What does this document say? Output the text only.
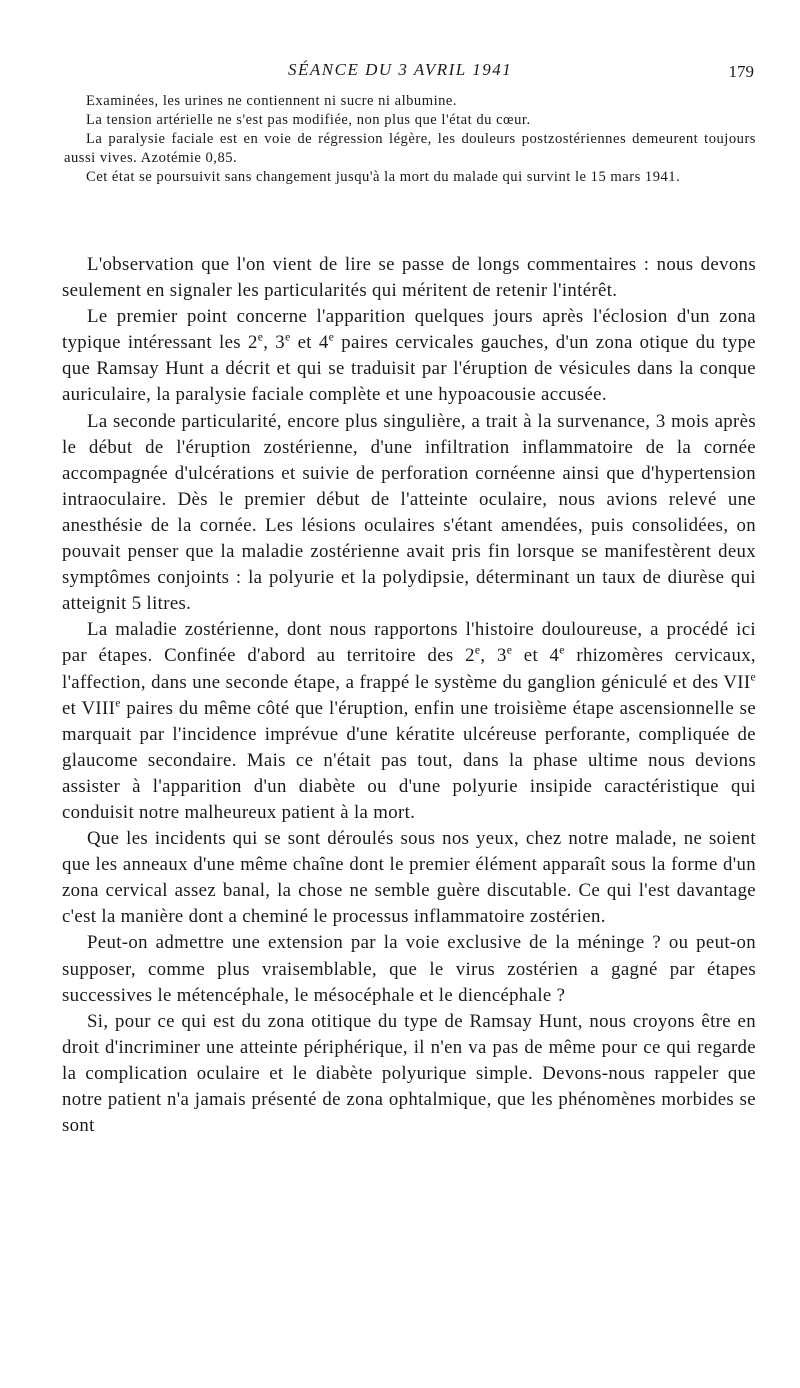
SÉANCE DU 3 AVRIL 1941	179

Examinées, les urines ne contiennent ni sucre ni albumine.

La tension artérielle ne s'est pas modifiée, non plus que l'état du cœur.

La paralysie faciale est en voie de régression légère, les douleurs postzostériennes demeurent toujours aussi vives. Azotémie 0,85.

Cet état se poursuivit sans changement jusqu'à la mort du malade qui survint le 15 mars 1941.

L'observation que l'on vient de lire se passe de longs commentaires : nous devons seulement en signaler les particularités qui méritent de retenir l'intérêt.

Le premier point concerne l'apparition quelques jours après l'éclosion d'un zona typique intéressant les 2e, 3e et 4e paires cervicales gauches, d'un zona otique du type que Ramsay Hunt a décrit et qui se traduisit par l'éruption de vésicules dans la conque auriculaire, la paralysie faciale complète et une hypoacousie accusée.

La seconde particularité, encore plus singulière, a trait à la survenance, 3 mois après le début de l'éruption zostérienne, d'une infiltration inflammatoire de la cornée accompagnée d'ulcérations et suivie de perforation cornéenne ainsi que d'hypertension intraoculaire. Dès le premier début de l'atteinte oculaire, nous avions relevé une anesthésie de la cornée. Les lésions oculaires s'étant amendées, puis consolidées, on pouvait penser que la maladie zostérienne avait pris fin lorsque se manifestèrent deux symptômes conjoints : la polyurie et la polydipsie, déterminant un taux de diurèse qui atteignit 5 litres.

La maladie zostérienne, dont nous rapportons l'histoire douloureuse, a procédé ici par étapes. Confinée d'abord au territoire des 2e, 3e et 4e rhizomères cervicaux, l'affection, dans une seconde étape, a frappé le système du ganglion géniculé et des VIIe et VIIIe paires du même côté que l'éruption, enfin une troisième étape ascensionnelle se marquait par l'incidence imprévue d'une kératite ulcéreuse perforante, compliquée de glaucome secondaire. Mais ce n'était pas tout, dans la phase ultime nous devions assister à l'apparition d'un diabète ou d'une polyurie insipide caractéristique qui conduisit notre malheureux patient à la mort.

Que les incidents qui se sont déroulés sous nos yeux, chez notre malade, ne soient que les anneaux d'une même chaîne dont le premier élément apparaît sous la forme d'un zona cervical assez banal, la chose ne semble guère discutable. Ce qui l'est davantage c'est la manière dont a cheminé le processus inflammatoire zostérien.

Peut-on admettre une extension par la voie exclusive de la méninge ? ou peut-on supposer, comme plus vraisemblable, que le virus zostérien a gagné par étapes successives le métencéphale, le mésocéphale et le diencéphale ?

Si, pour ce qui est du zona otitique du type de Ramsay Hunt, nous croyons être en droit d'incriminer une atteinte périphérique, il n'en va pas de même pour ce qui regarde la complication oculaire et le diabète polyurique simple. Devons-nous rappeler que notre patient n'a jamais présenté de zona ophtalmique, que les phénomènes morbides se sont
